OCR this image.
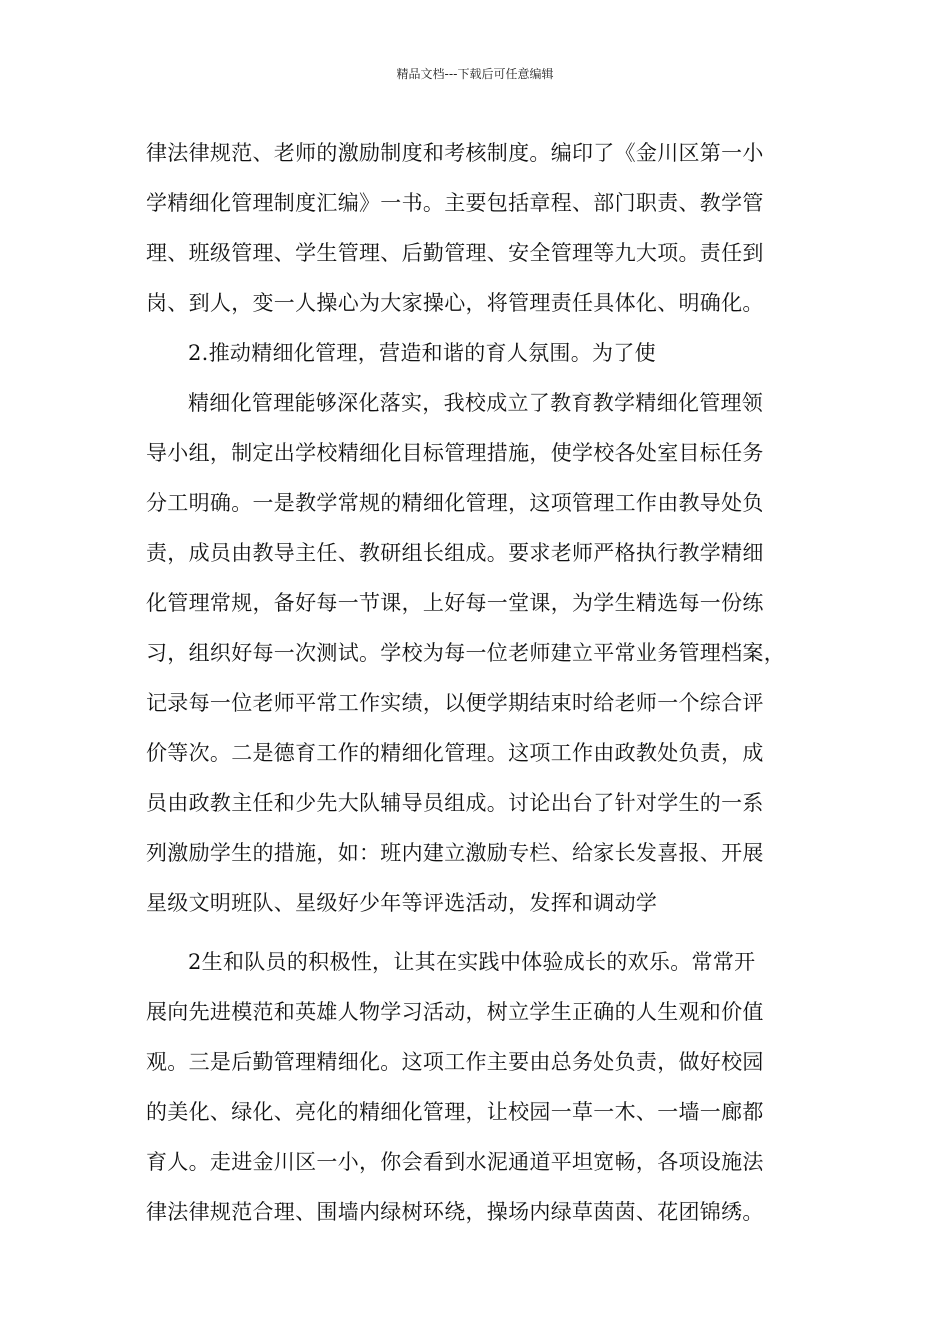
精品文档---下载后可任意编辑
律法律规范、老师的激励制度和考核制度。编印了《金川区第一小
学精细化管理制度汇编》一书。主要包括章程、部门职责、教学管
理、班级管理、学生管理、后勤管理、安全管理等九大项。责任到
岗、到人，变一人操心为大家操心，将管理责任具体化、明确化。
2.推动精细化管理，营造和谐的育人氛围。为了使
精细化管理能够深化落实，我校成立了教育教学精细化管理领
导小组，制定出学校精细化目标管理措施，使学校各处室目标任务
分工明确。一是教学常规的精细化管理，这项管理工作由教导处负
责，成员由教导主任、教研组长组成。要求老师严格执行教学精细
化管理常规，备好每一节课，上好每一堂课，为学生精选每一份练
习，组织好每一次测试。学校为每一位老师建立平常业务管理档案，
记录每一位老师平常工作实绩，以便学期结束时给老师一个综合评
价等次。二是德育工作的精细化管理。这项工作由政教处负责，成
员由政教主任和少先大队辅导员组成。讨论出台了针对学生的一系
列激励学生的措施，如：班内建立激励专栏、给家长发喜报、开展
星级文明班队、星级好少年等评选活动，发挥和调动学
2生和队员的积极性，让其在实践中体验成长的欢乐。常常开
展向先进模范和英雄人物学习活动，树立学生正确的人生观和价值
观。三是后勤管理精细化。这项工作主要由总务处负责，做好校园
的美化、绿化、亮化的精细化管理，让校园一草一木、一墙一廊都
育人。走进金川区一小，你会看到水泥通道平坦宽畅，各项设施法
律法律规范合理、围墙内绿树环绕，操场内绿草茵茵、花团锦绣。
